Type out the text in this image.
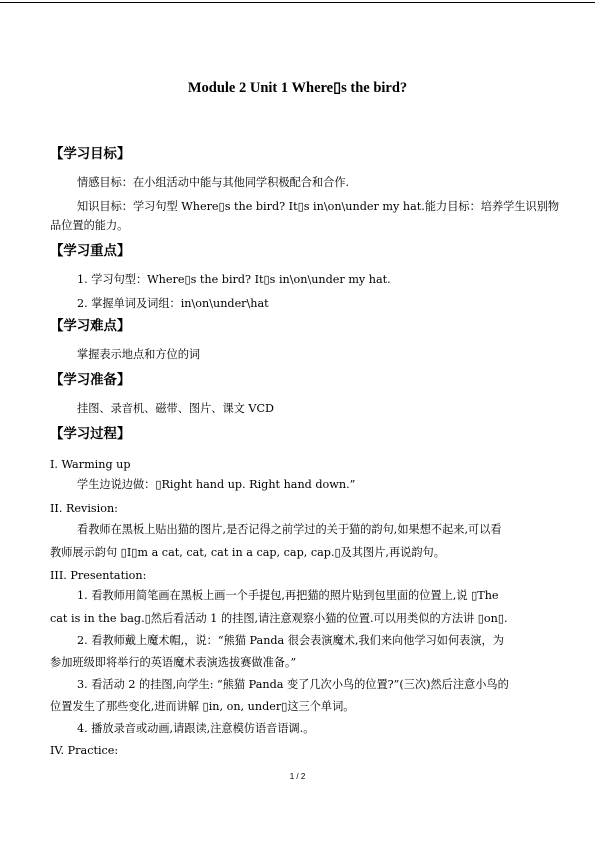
Module 2 Unit 1 Where▯s the bird?
【学习目标】
情感目标：在小组活动中能与其他同学积极配合和合作.
知识目标：学习句型 Where▯s the bird? It▯s in\on\under my hat.能力目标：培养学生识别物
品位置的能力。
【学习重点】
1. 学习句型：Where▯s the bird? It▯s in\on\under my hat.
2. 掌握单词及词组：in\on\under\hat
【学习难点】
掌握表示地点和方位的词
【学习准备】
挂图、录音机、磁带、图片、课文 VCD
【学习过程】
I. Warming up
学生边说边做：▯Right hand up. Right hand down.”
II. Revision:
看教师在黑板上贴出猫的图片,是否记得之前学过的关于猫的韵句,如果想不起来,可以看
教师展示韵句 ▯I▯m a cat, cat, cat in a cap, cap, cap.▯及其图片,再说韵句。
III. Presentation:
1. 看教师用简笔画在黑板上画一个手提包,再把猫的照片贴到包里面的位置上,说 ▯The
cat is in the bag.▯然后看活动 1 的挂图,请注意观察小猫的位置.可以用类似的方法讲 ▯on▯.
2. 看教师戴上魔术帽,，说：“熊猫 Panda 很会表演魔术,我们来向他学习如何表演，为
参加班级即将举行的英语魔术表演选拔赛做准备。”
3. 看活动 2 的挂图,向学生: “熊猫 Panda 变了几次小鸟的位置?”(三次)然后注意小鸟的
位置发生了那些变化,进而讲解 ▯in, on, under▯这三个单词。
4. 播放录音或动画,请跟读,注意模仿语音语调.。
IV. Practice:
1 / 2
